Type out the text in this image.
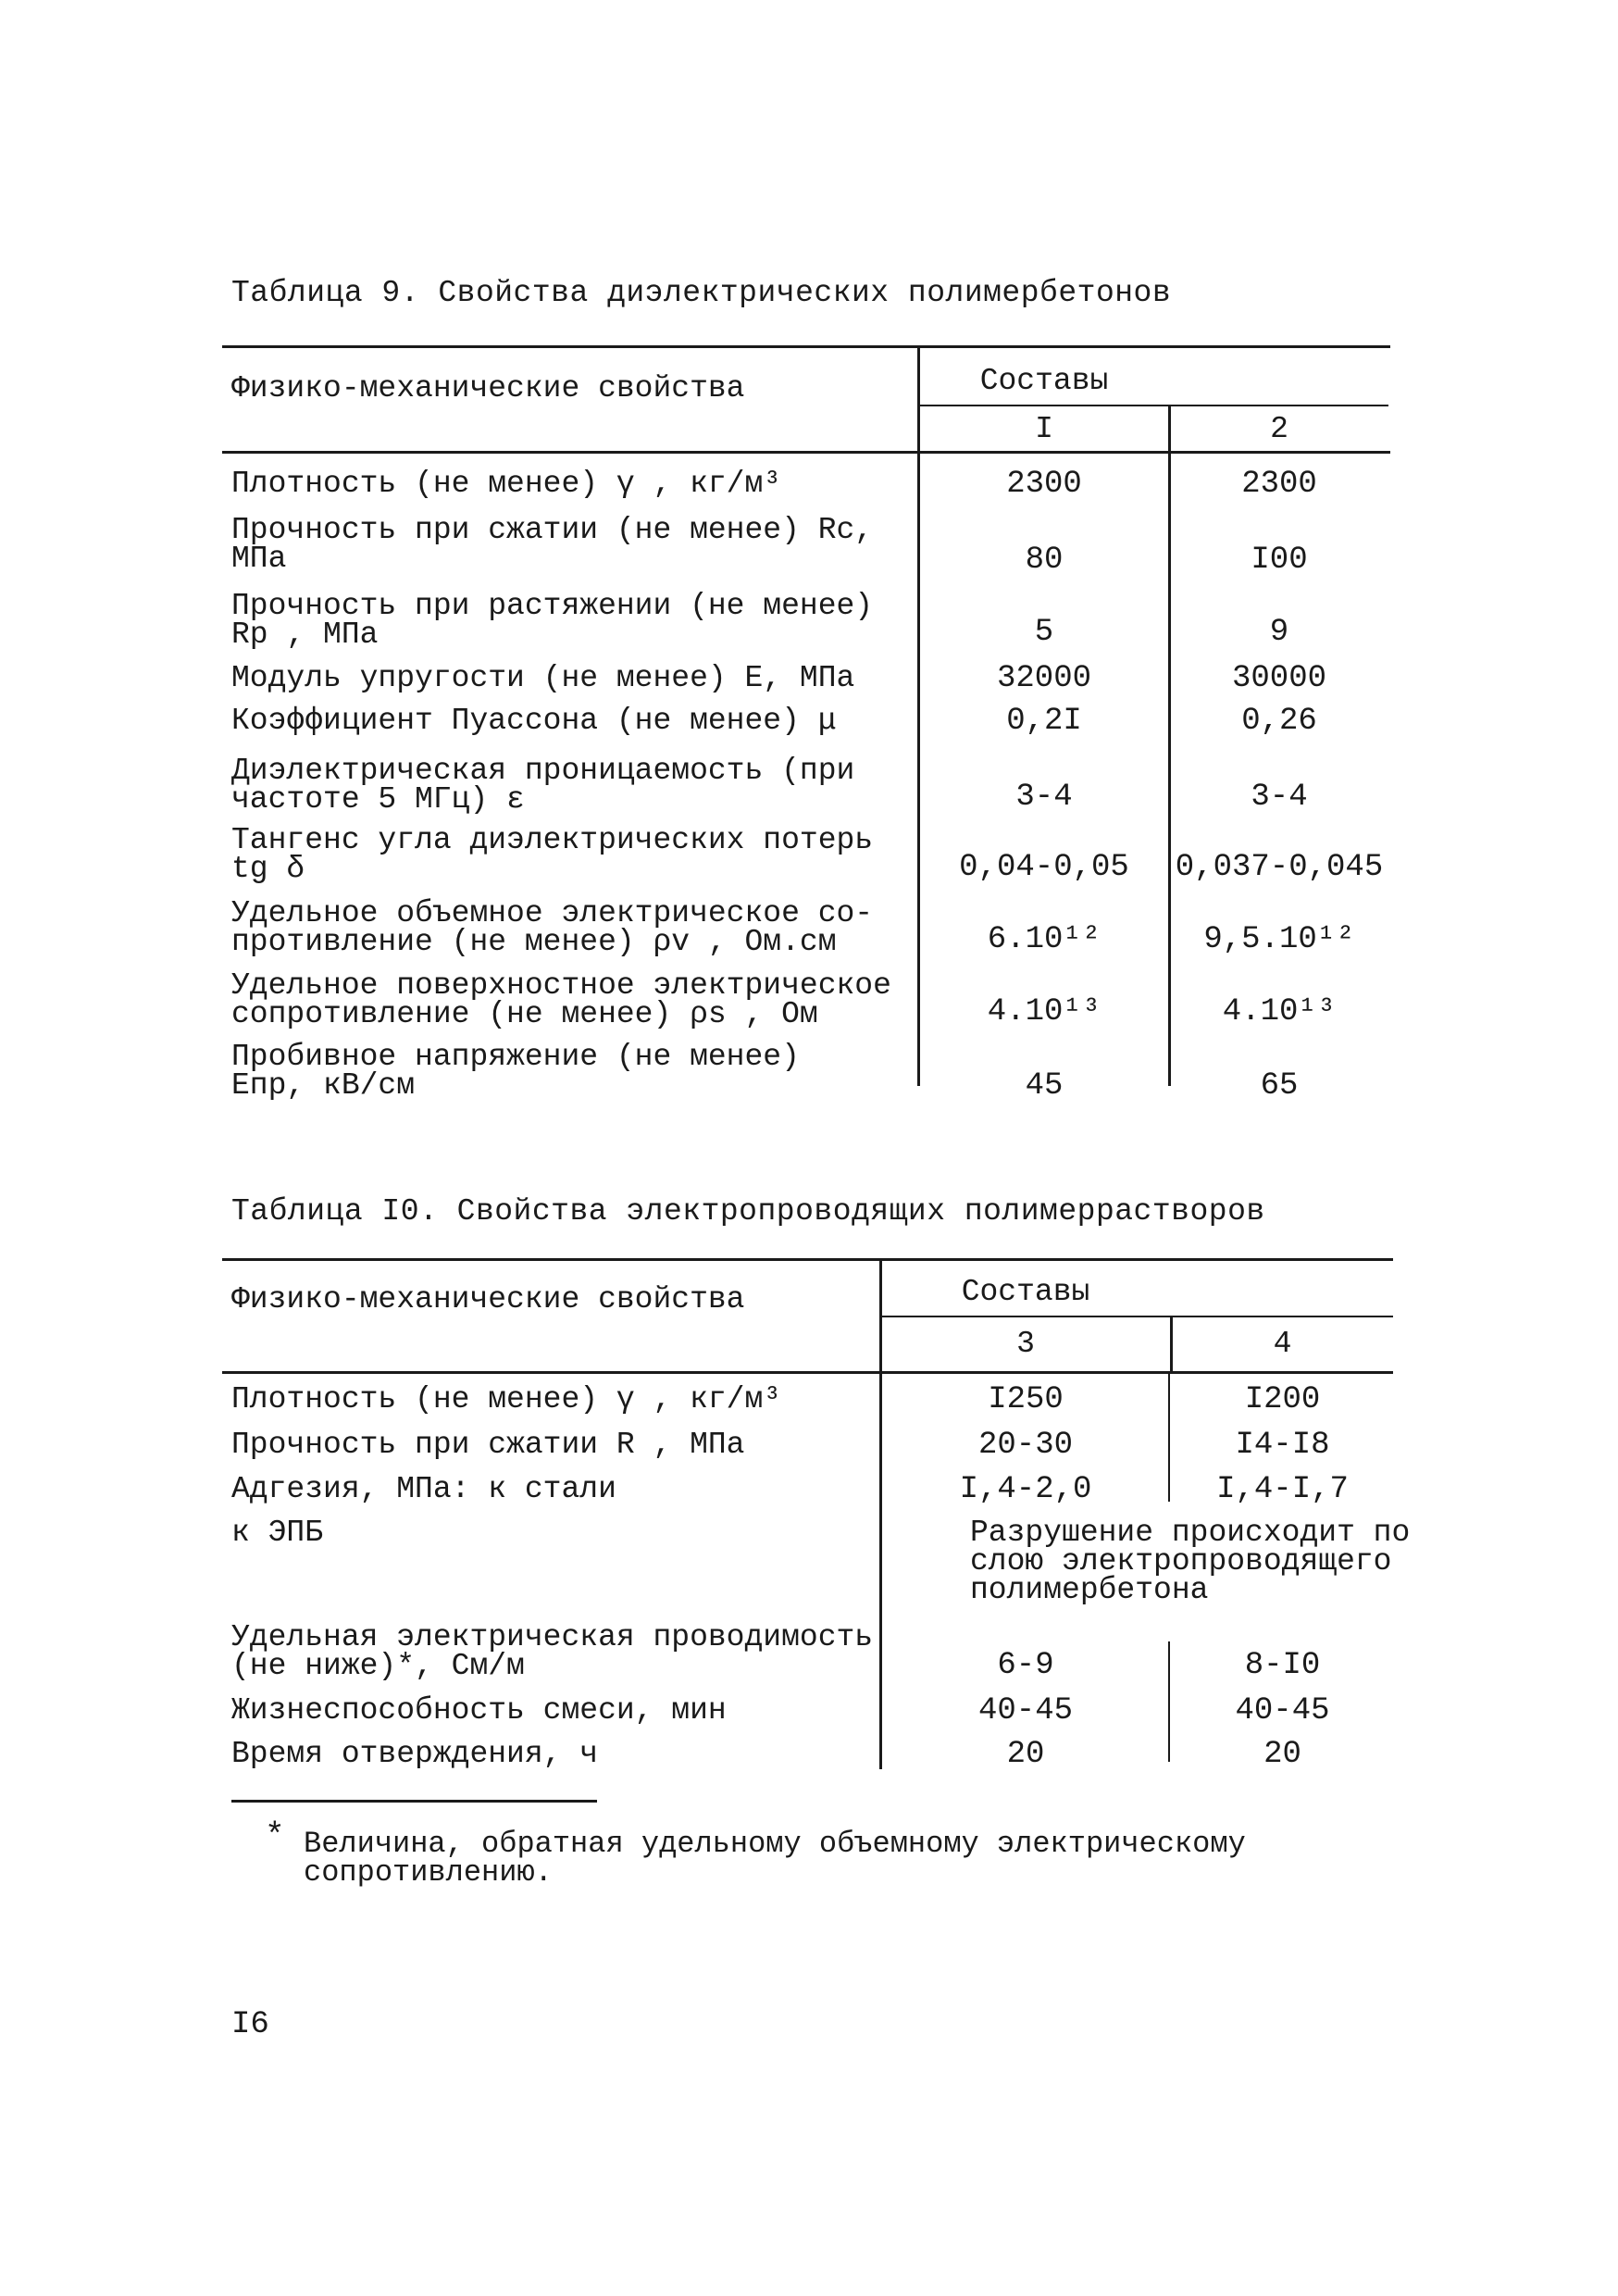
Таблица 9. Свойства диэлектрических полимербетонов
Физико-механические свойства	Составы
I	2
Плотность (не менее) γ , кг/м³	2300	2300
Прочность при сжатии (не менее) Rc,
МПа	80	I00
Прочность при растяжении (не менее)
Rp , МПа	5	9
Модуль упругости (не менее) Е, МПа	32000	30000
Коэффициент Пуассона (не менее) μ	0,2I	0,26
Диэлектрическая проницаемость (при
частоте 5 МГц) ε	3-4	3-4
Тангенс угла диэлектрических потерь
tg δ	0,04-0,05	0,037-0,045
Удельное объемное электрическое со-
противление (не менее) ρv , Ом.см	6.10¹²	9,5.10¹²
Удельное поверхностное электрическое
сопротивление (не менее) ρs , Ом	4.10¹³	4.10¹³
Пробивное напряжение (не менее)
Епр, кВ/см	45	65
Таблица I0. Свойства электропроводящих полимеррастворов
Физико-механические свойства	Составы
3	4
Плотность (не менее) γ , кг/м³	I250	I200
Прочность при сжатии R , МПа	20-30	I4-I8
Адгезия, МПа: к стали	I,4-2,0	I,4-I,7
к ЭПБ	Разрушение происходит по
слою электропроводящего
полимербетона
Удельная электрическая проводимость
(не ниже)*, См/м	6-9	8-I0
Жизнеспособность смеси, мин	40-45	40-45
Время отверждения, ч	20	20
* Величина, обратная удельному объемному электрическому
сопротивлению.
I6
